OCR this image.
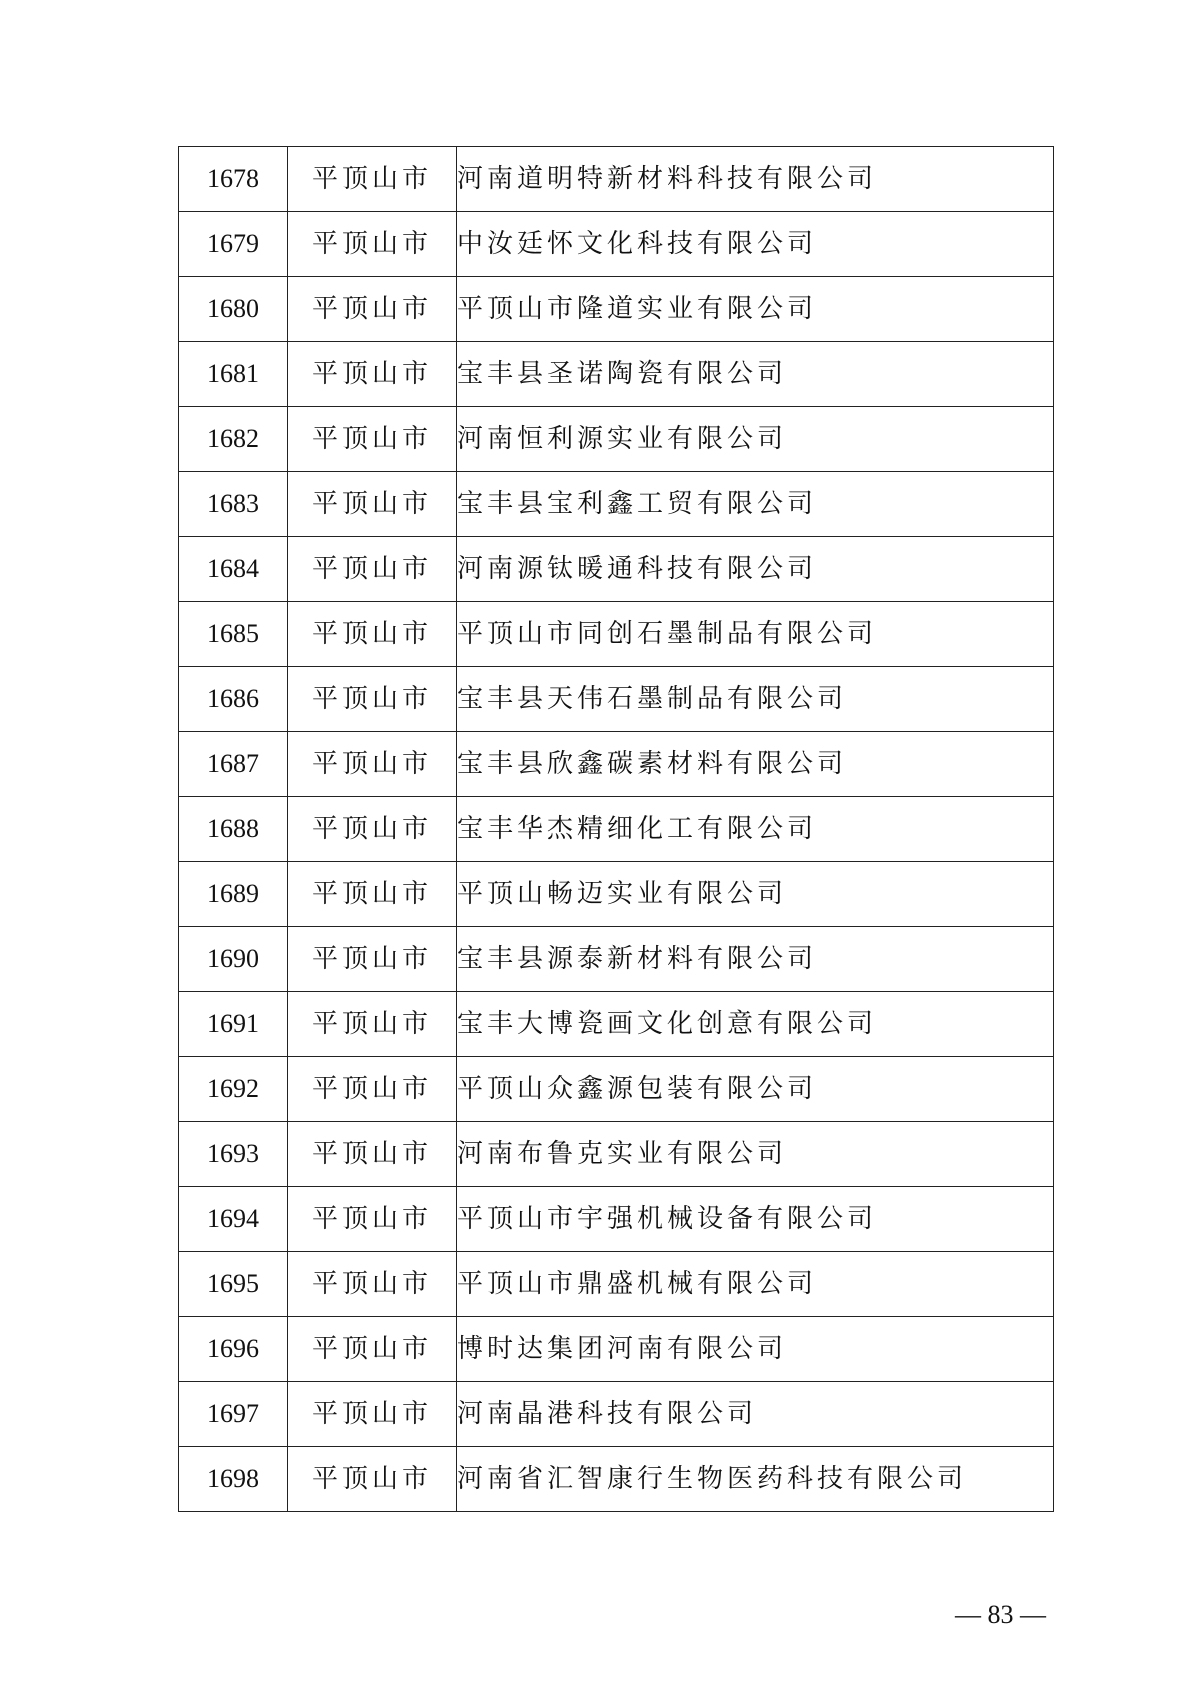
1678	平顶山市	河南道明特新材料科技有限公司
1679	平顶山市	中汝廷怀文化科技有限公司
1680	平顶山市	平顶山市隆道实业有限公司
1681	平顶山市	宝丰县圣诺陶瓷有限公司
1682	平顶山市	河南恒利源实业有限公司
1683	平顶山市	宝丰县宝利鑫工贸有限公司
1684	平顶山市	河南源钛暖通科技有限公司
1685	平顶山市	平顶山市同创石墨制品有限公司
1686	平顶山市	宝丰县天伟石墨制品有限公司
1687	平顶山市	宝丰县欣鑫碳素材料有限公司
1688	平顶山市	宝丰华杰精细化工有限公司
1689	平顶山市	平顶山畅迈实业有限公司
1690	平顶山市	宝丰县源泰新材料有限公司
1691	平顶山市	宝丰大博瓷画文化创意有限公司
1692	平顶山市	平顶山众鑫源包装有限公司
1693	平顶山市	河南布鲁克实业有限公司
1694	平顶山市	平顶山市宇强机械设备有限公司
1695	平顶山市	平顶山市鼎盛机械有限公司
1696	平顶山市	博时达集团河南有限公司
1697	平顶山市	河南晶港科技有限公司
1698	平顶山市	河南省汇智康行生物医药科技有限公司
— 83 —
